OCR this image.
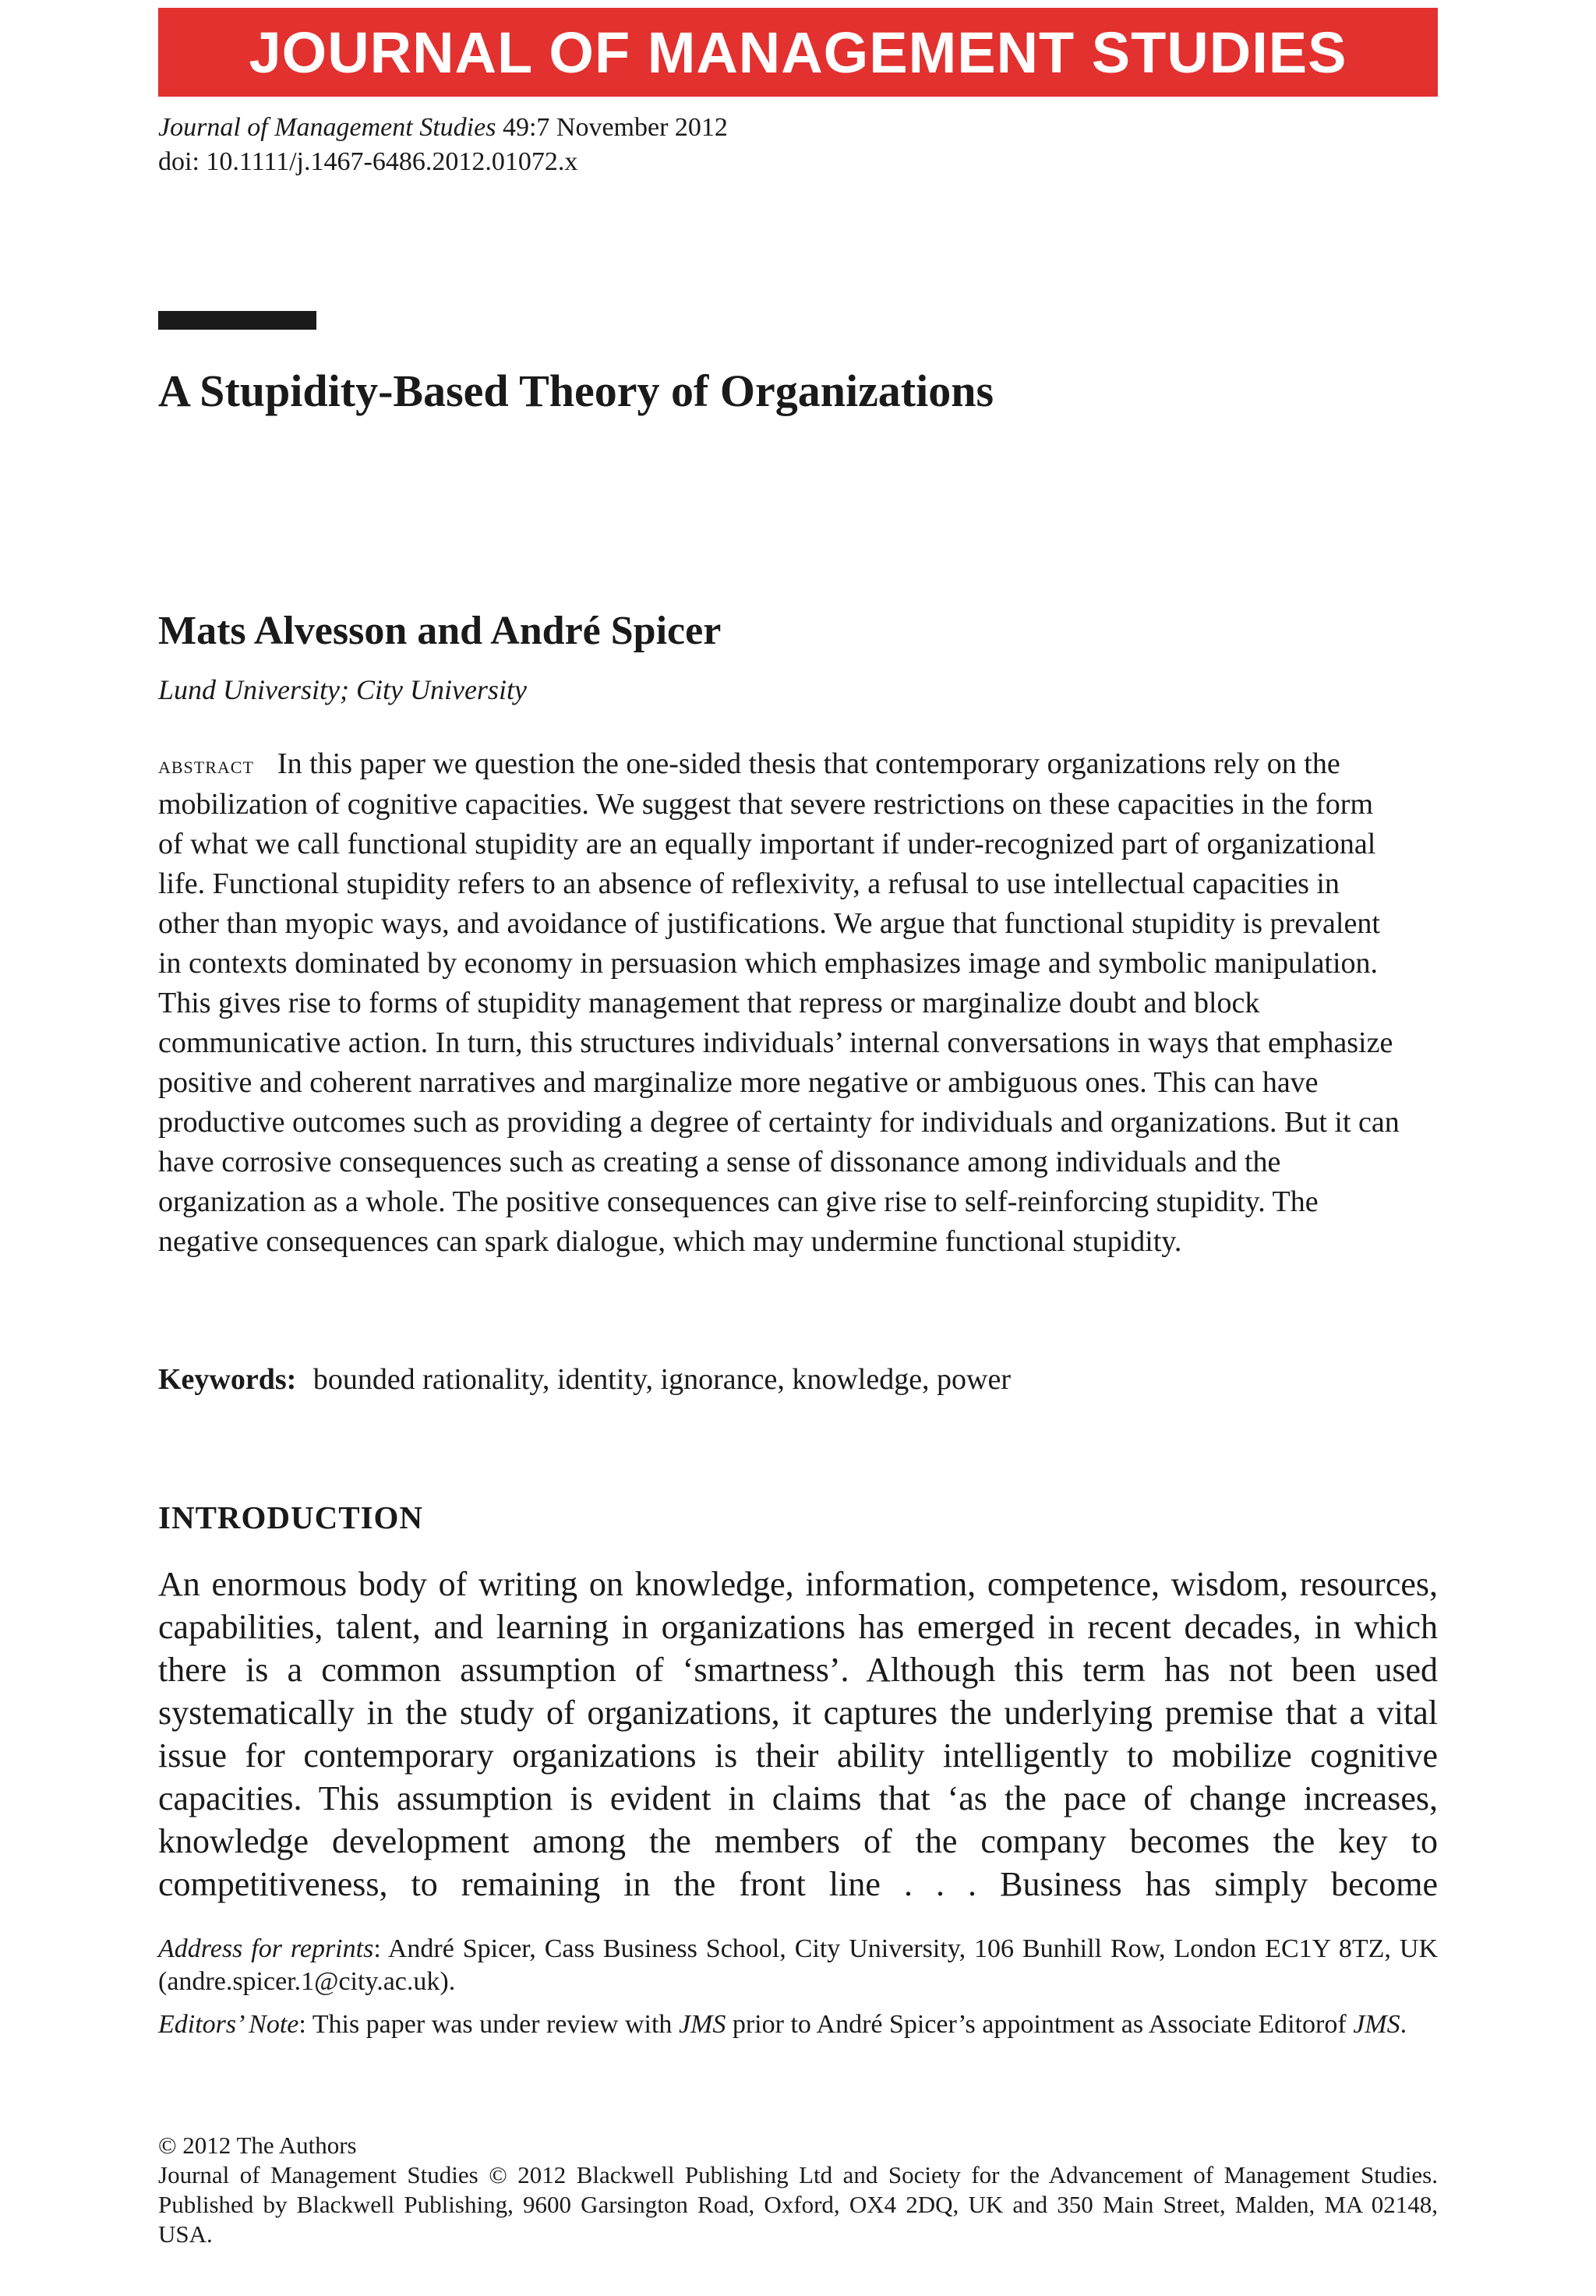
JOURNAL OF MANAGEMENT STUDIES
Journal of Management Studies 49:7 November 2012
doi: 10.1111/j.1467-6486.2012.01072.x
A Stupidity-Based Theory of Organizations
Mats Alvesson and André Spicer
Lund University; City University

abstract In this paper we question the one-sided thesis that contemporary organizations rely on the mobilization of cognitive capacities. We suggest that severe restrictions on these capacities in the form of what we call functional stupidity are an equally important if under-recognized part of organizational life. Functional stupidity refers to an absence of reflexivity, a refusal to use intellectual capacities in other than myopic ways, and avoidance of justifications. We argue that functional stupidity is prevalent in contexts dominated by economy in persuasion which emphasizes image and symbolic manipulation. This gives rise to forms of stupidity management that repress or marginalize doubt and block communicative action. In turn, this structures individuals’ internal conversations in ways that emphasize positive and coherent narratives and marginalize more negative or ambiguous ones. This can have productive outcomes such as providing a degree of certainty for individuals and organizations. But it can have corrosive consequences such as creating a sense of dissonance among individuals and the organization as a whole. The positive consequences can give rise to self-reinforcing stupidity. The negative consequences can spark dialogue, which may undermine functional stupidity.

Keywords: bounded rationality, identity, ignorance, knowledge, power
INTRODUCTION

An enormous body of writing on knowledge, information, competence, wisdom, resources, capabilities, talent, and learning in organizations has emerged in recent decades, in which there is a common assumption of ‘smartness’. Although this term has not been used systematically in the study of organizations, it captures the underlying premise that a vital issue for contemporary organizations is their ability intelligently to mobilize cognitive capacities. This assumption is evident in claims that ‘as the pace of change increases, knowledge development among the members of the company becomes the key to competitiveness, to remaining in the front line . . . Business has simply become

Address for reprints: André Spicer, Cass Business School, City University, 106 Bunhill Row, London EC1Y 8TZ, UK (andre.spicer.1@city.ac.uk).

Editors’ Note: This paper was under review with JMS prior to André Spicer’s appointment as Associate Editorof JMS.

© 2012 The Authors

Journal of Management Studies © 2012 Blackwell Publishing Ltd and Society for the Advancement of Management Studies. Published by Blackwell Publishing, 9600 Garsington Road, Oxford, OX4 2DQ, UK and 350 Main Street, Malden, MA 02148, USA.
